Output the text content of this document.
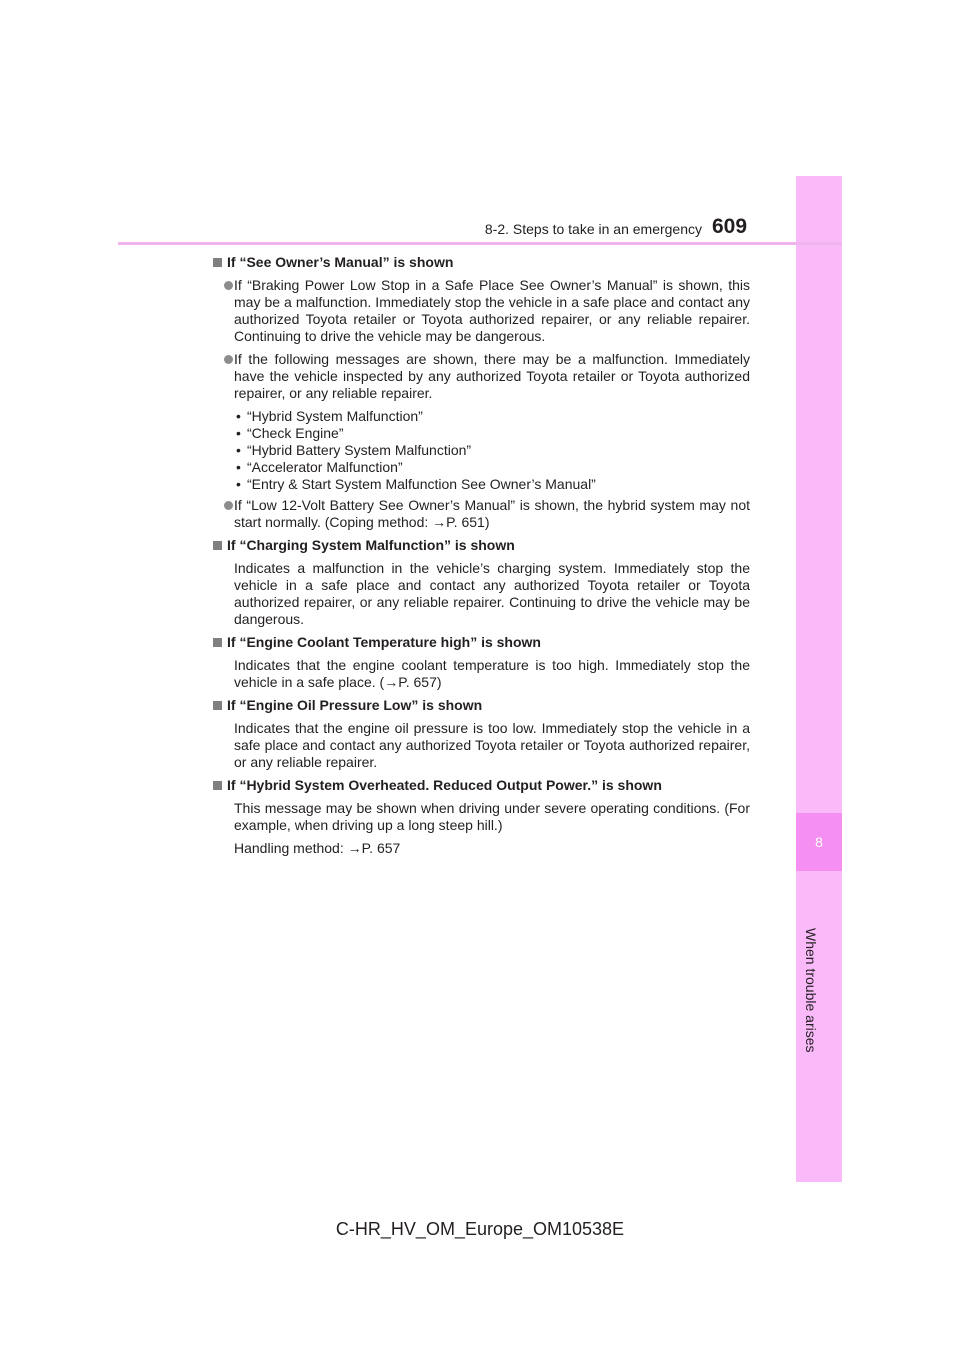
8
When trouble arises
8-2. Steps to take in an emergency 609
If “See Owner’s Manual” is shown
If “Braking Power Low Stop in a Safe Place See Owner’s Manual” is shown, this may be a malfunction. Immediately stop the vehicle in a safe place and contact any authorized Toyota retailer or Toyota authorized repairer, or any reliable repairer. Continuing to drive the vehicle may be dangerous.
If the following messages are shown, there may be a malfunction. Immediately have the vehicle inspected by any authorized Toyota retailer or Toyota authorized repairer, or any reliable repairer.
• “Hybrid System Malfunction”
• “Check Engine”
• “Hybrid Battery System Malfunction”
• “Accelerator Malfunction”
• “Entry & Start System Malfunction See Owner’s Manual”
If “Low 12-Volt Battery See Owner’s Manual” is shown, the hybrid system may not start normally. (Coping method: →P. 651)
If “Charging System Malfunction” is shown
Indicates a malfunction in the vehicle’s charging system. Immediately stop the vehicle in a safe place and contact any authorized Toyota retailer or Toyota authorized repairer, or any reliable repairer. Continuing to drive the vehicle may be dangerous.
If “Engine Coolant Temperature high” is shown
Indicates that the engine coolant temperature is too high. Immediately stop the vehicle in a safe place. (→P. 657)
If “Engine Oil Pressure Low” is shown
Indicates that the engine oil pressure is too low. Immediately stop the vehicle in a safe place and contact any authorized Toyota retailer or Toyota authorized repairer, or any reliable repairer.
If “Hybrid System Overheated. Reduced Output Power.” is shown
This message may be shown when driving under severe operating conditions. (For example, when driving up a long steep hill.)
Handling method: →P. 657
C-HR_HV_OM_Europe_OM10538E
